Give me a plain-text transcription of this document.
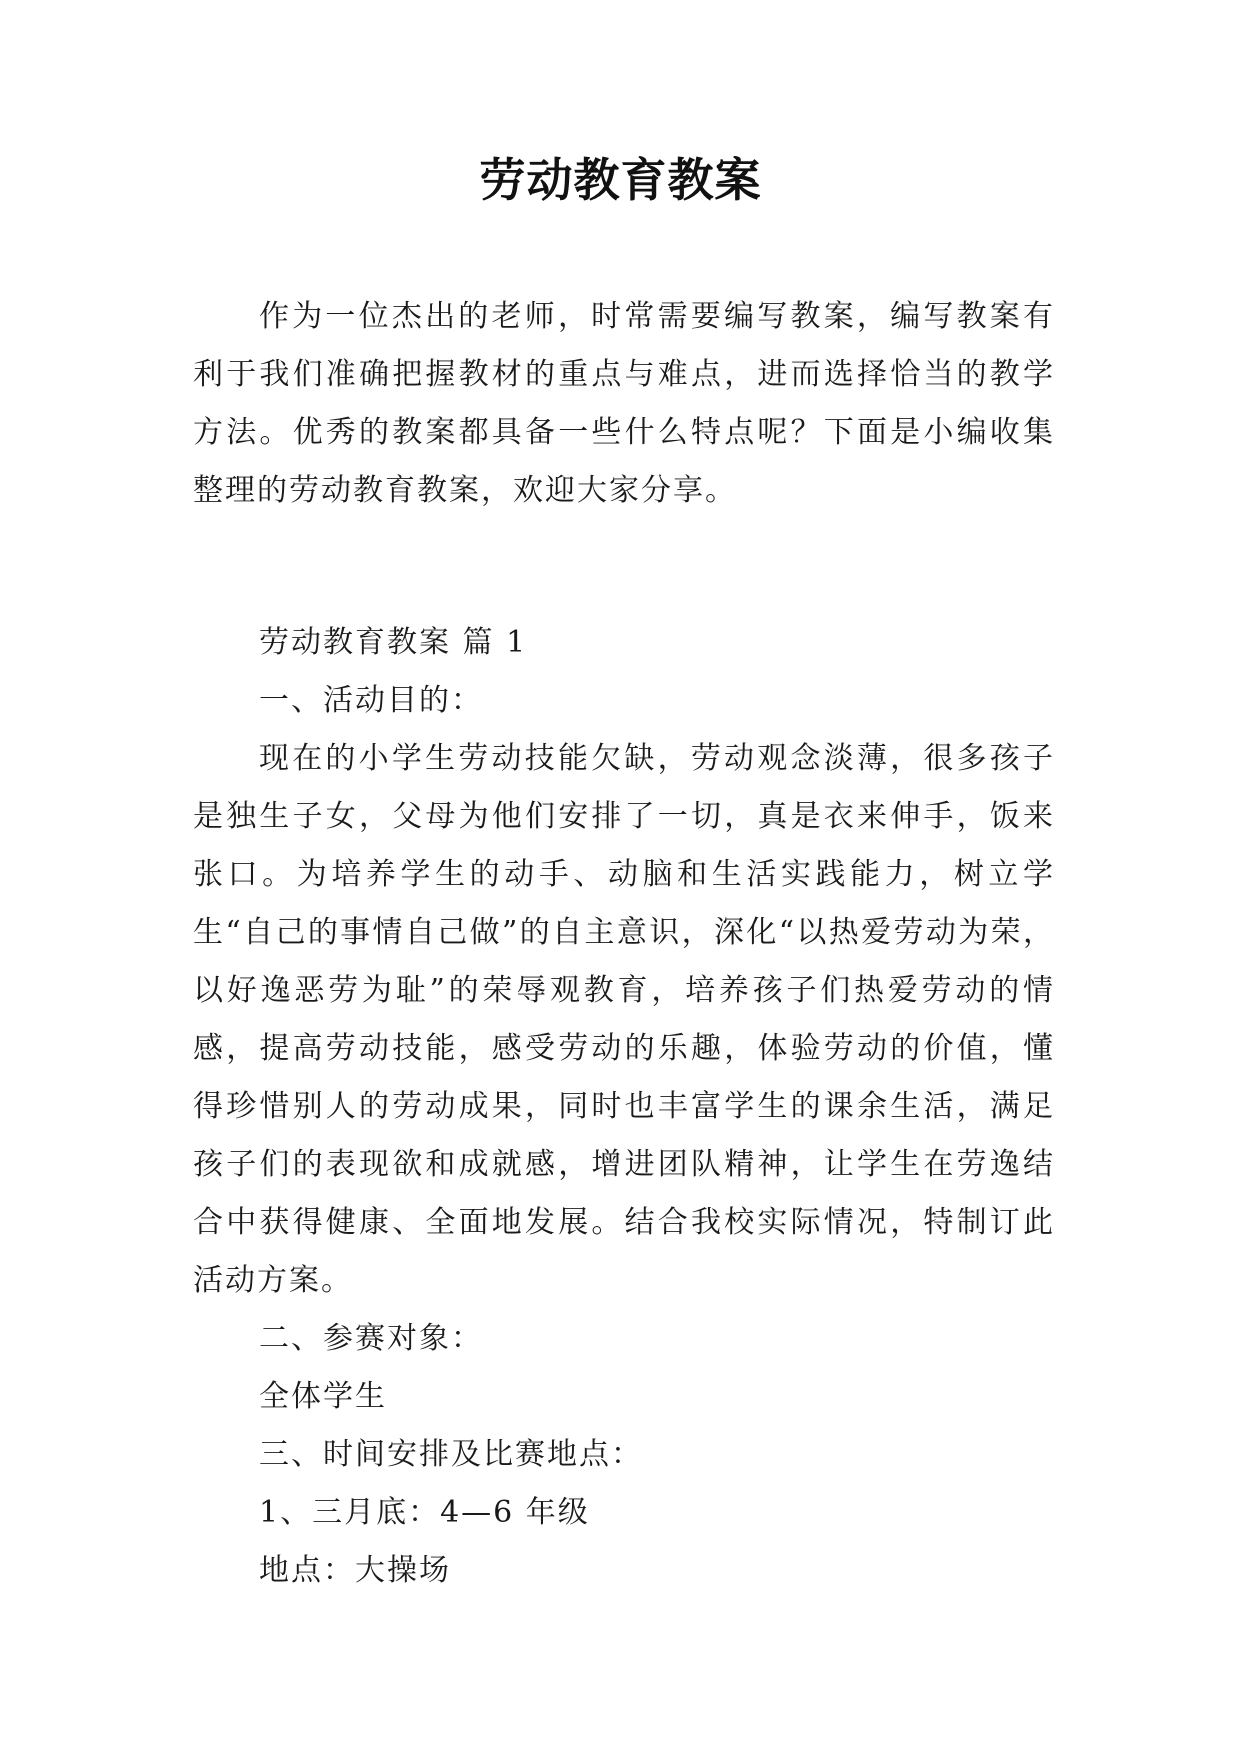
劳动教育教案

作为一位杰出的老师，时常需要编写教案，编写教案有利于我们准确把握教材的重点与难点，进而选择恰当的教学方法。优秀的教案都具备一些什么特点呢？下面是小编收集整理的劳动教育教案，欢迎大家分享。

劳动教育教案 篇 1

一、活动目的：

现在的小学生劳动技能欠缺，劳动观念淡薄，很多孩子是独生子女，父母为他们安排了一切，真是衣来伸手，饭来张口。为培养学生的动手、动脑和生活实践能力，树立学生“自己的事情自己做”的自主意识，深化“以热爱劳动为荣，以好逸恶劳为耻”的荣辱观教育，培养孩子们热爱劳动的情感，提高劳动技能，感受劳动的乐趣，体验劳动的价值，懂得珍惜别人的劳动成果，同时也丰富学生的课余生活，满足孩子们的表现欲和成就感，增进团队精神，让学生在劳逸结合中获得健康、全面地发展。结合我校实际情况，特制订此活动方案。

二、参赛对象：

全体学生

三、时间安排及比赛地点：

1、三月底：4—6 年级

地点：大操场
